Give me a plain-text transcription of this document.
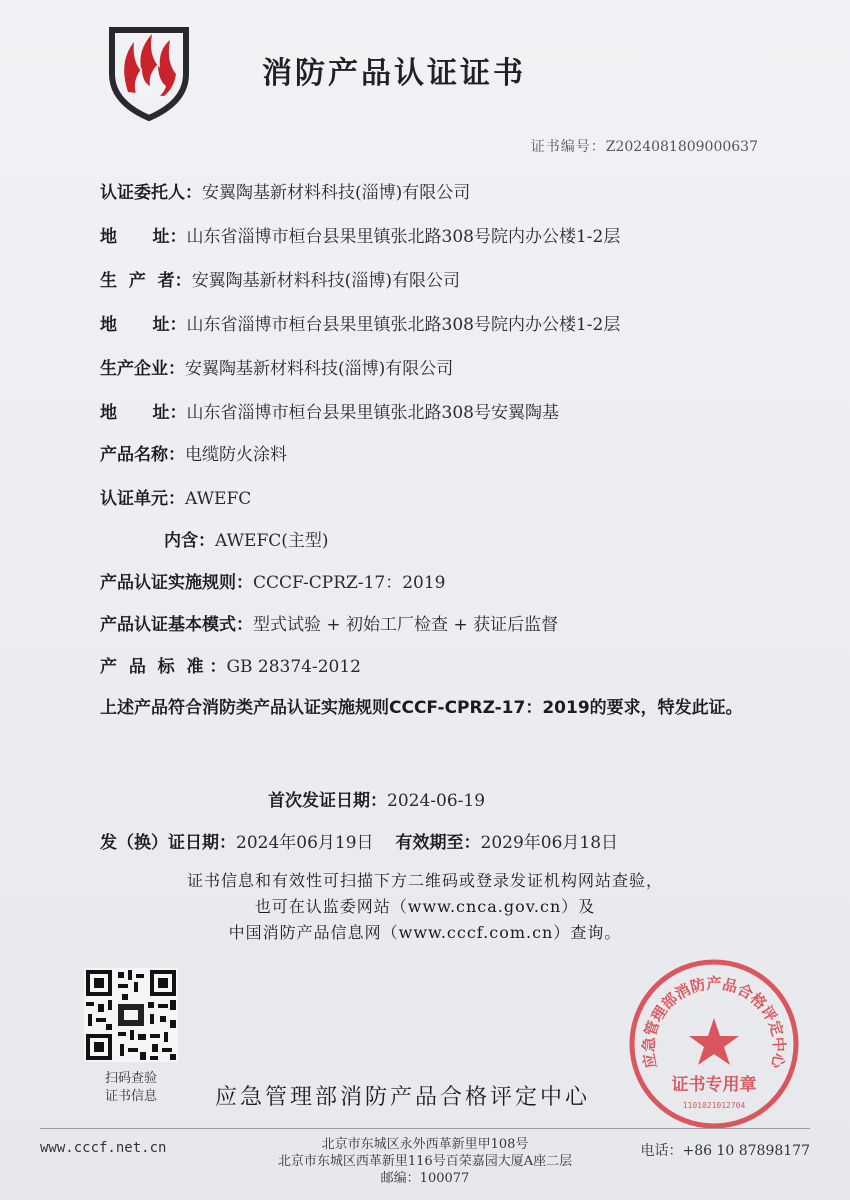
消防产品认证证书
证书编号：Z2024081809000637
认证委托人： 安翼陶基新材料科技(淄博)有限公司
地      址： 山东省淄博市桓台县果里镇张北路308号院内办公楼1-2层
生  产  者： 安翼陶基新材料科技(淄博)有限公司
地      址： 山东省淄博市桓台县果里镇张北路308号院内办公楼1-2层
生产企业： 安翼陶基新材料科技(淄博)有限公司
地      址： 山东省淄博市桓台县果里镇张北路308号安翼陶基
产品名称： 电缆防火涂料
认证单元： AWEFC
内含： AWEFC(主型)
产品认证实施规则： CCCF-CPRZ-17：2019
产品认证基本模式： 型式试验 + 初始工厂检查 + 获证后监督
产  品  标  准 ： GB 28374-2012
上述产品符合消防类产品认证实施规则CCCF-CPRZ-17：2019的要求，特发此证。
首次发证日期： 2024-06-19
发（换）证日期： 2024年06月19日 有效期至： 2029年06月18日
证书信息和有效性可扫描下方二维码或登录发证机构网站查验，
也可在认监委网站（www.cnca.gov.cn）及
中国消防产品信息网（www.cccf.com.cn）查询。
扫码查验
证书信息	应急管理部消防产品合格评定中心
应急管理部消防产品合格评定中心
证书专用章
1101021012704
www.cccf.net.cn	北京市东城区永外西革新里甲108号
北京市东城区西革新里116号百荣嘉园大厦A座二层
邮编：100077
电话：+86 10 87898177
